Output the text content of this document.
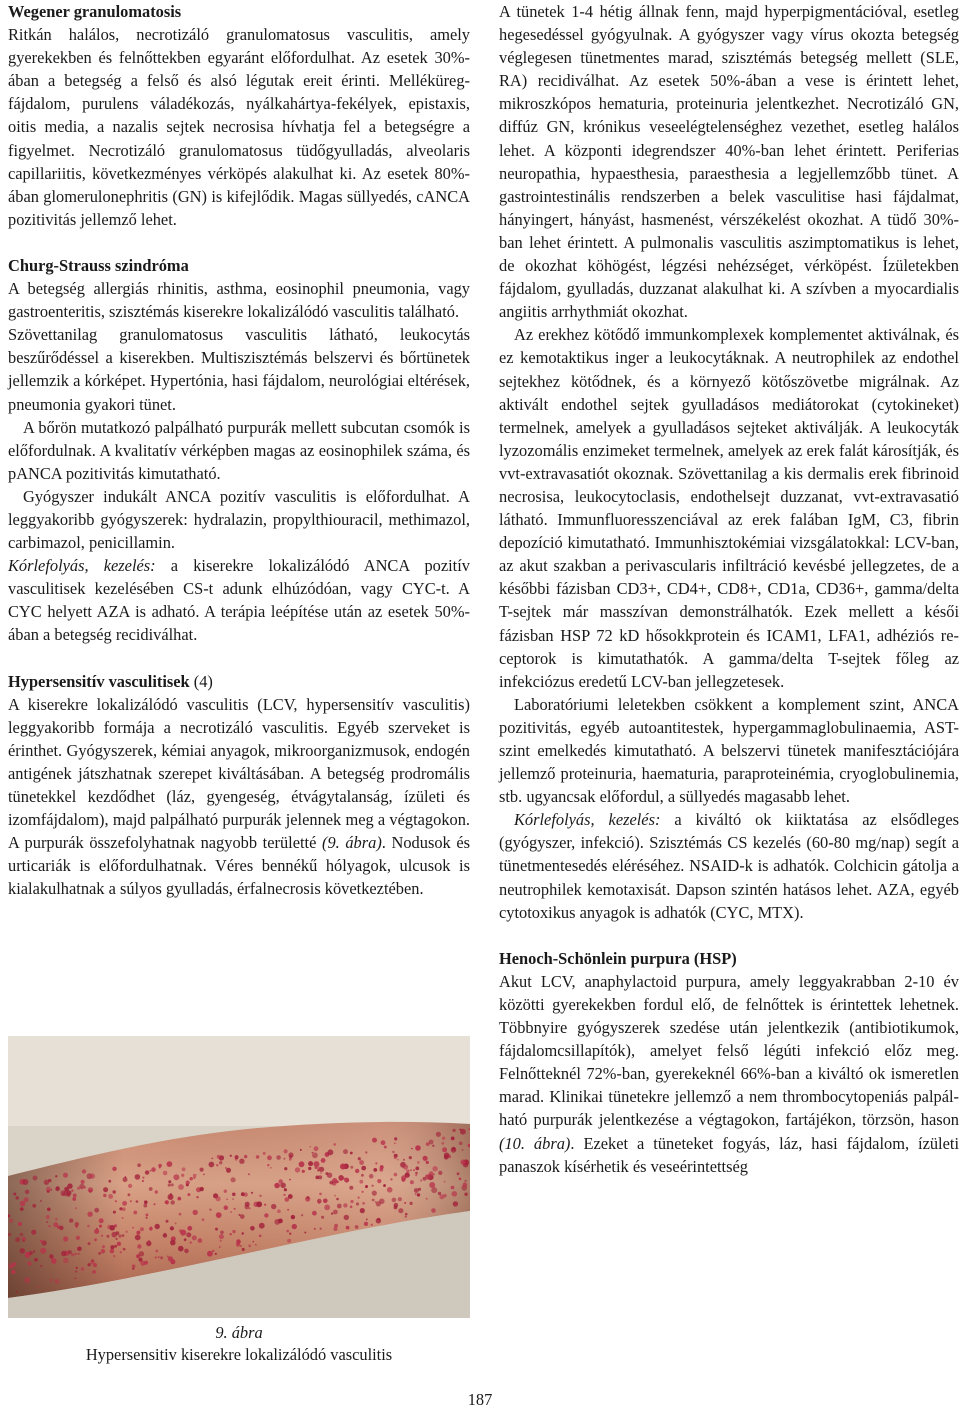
Wegener granulomatosis

Ritkán halálos, necrotizáló granulomatosus vasculitis, amely gyerekekben és felnőttekben egyaránt előfordulhat. Az esetek 30%-ában a betegség a felső és alsó légutak ereit érinti. Melléküreg-fájdalom, purulens váladékozás, nyálkahártya-fekélyek, epistaxis, oitis media, a nazalis sejtek necrosisa hívhatja fel a betegségre a figyelmet. Necrotizáló granulomatosus tüdőgyulladás, alveolaris capillariitis, következményes vérköpés alakulhat ki. Az esetek 80%-ában glomerulonephritis (GN) is kifejlődik. Magas süllyedés, cANCA pozitivitás jellemző lehet.

Churg-Strauss szindróma

A betegség allergiás rhinitis, asthma, eosinophil pneumonia, vagy gastroenteritis, szisztémás kiserekre lokalizálódó vasculitis található.

Szövettanilag granulomatosus vasculitis látható, leukocytás beszűrődéssel a kiserekben. Multiszisztémás belszervi és bőrtünetek jellemzik a kórképet. Hypertónia, hasi fájdalom, neurológiai eltérések, pneumonia gyakori tünet.

A bőrön mutatkozó palpálható purpurák mellett subcutan csomók is előfordulnak. A kvalitatív vérképben magas az eosinophilek száma, és pANCA pozitivitás kimutatható.

Gyógyszer indukált ANCA pozitív vasculitis is előfordulhat. A leggyakoribb gyógyszerek: hydralazin, propylthiouracil, methimazol, carbimazol, penicillamin.

Kórlefolyás, kezelés: a kiserekre lokalizálódó ANCA pozitív vasculitisek kezelésében CS-t adunk elhúzódóan, vagy CYC-t. A CYC helyett AZA is adható. A terápia leépítése után az esetek 50%-ában a betegség recidiválhat.

Hypersensitív vasculitisek (4)

A kiserekre lokalizálódó vasculitis (LCV, hypersensitív vasculitis) leggyakoribb formája a necrotizáló vasculitis. Egyéb szerveket is érinthet. Gyógyszerek, kémiai anyagok, mikroorganizmusok, endogén antigének játszhatnak szerepet kiváltásában. A betegség prodromális tünetekkel kezdődhet (láz, gyengeség, étvágytalanság, ízületi és izomfájdalom), majd palpálható purpurák jelennek meg a végtagokon. A purpurák összefolyhatnak nagyobb területté (9. ábra). Nodusok és urticariák is előfordulhatnak. Véres bennékű hólyagok, ulcusok is kialakulhatnak a súlyos gyulladás, érfalnecrosis következtében.

9. ábra
Hypersensitiv kiserekre lokalizálódó vasculitis

A tünetek 1-4 hétig állnak fenn, majd hyperpigmentációval, esetleg hegesedéssel gyógyulnak. A gyógyszer vagy vírus okozta betegség véglegesen tünetmentes marad, szisztémás betegség mellett (SLE, RA) recidiválhat. Az esetek 50%-ában a vese is érintett lehet, mikroszkópos hematuria, proteinuria jelentkezhet. Necrotizáló GN, diffúz GN, krónikus veseelégtelenséghez vezethet, esetleg halálos lehet. A központi idegrendszer 40%-ban lehet érintett. Periferias neuropathia, hypaesthesia, paraesthesia a legjellemzőbb tünet. A gastrointestinális rendszerben a belek vasculitise hasi fájdalmat, hányingert, hányást, hasmenést, vérszékelést okozhat. A tüdő 30%-ban lehet érintett. A pulmonalis vasculitis aszimptomatikus is lehet, de okozhat köhögést, légzési nehézséget, vérköpést. Ízületekben fájdalom, gyulladás, duzzanat alakulhat ki. A szívben a myocardialis angiitis arrhythmiát okozhat.

Az erekhez kötődő immunkomplexek komplementet aktiválnak, és ez kemotaktikus inger a leukocytáknak. A neutrophilek az endothel sejtekhez kötődnek, és a környező kötőszövetbe migrálnak. Az aktivált endothel sejtek gyulladásos mediátorokat (cytokineket) termelnek, amelyek a gyulladásos sejteket aktiválják. A leukocyták lyzozomális enzimeket termelnek, amelyek az erek falát károsítják, és vvt-extravasatiót okoznak. Szövettanilag a kis dermalis erek fibrinoid necrosisa, leukocytoclasis, endothelsejt duzzanat, vvt-extravasatió látható. Immunfluoresszenciával az erek falában IgM, C3, fibrin depozíció kimutatható. Immunhisztokémiai vizsgálatokkal: LCV-ban, az akut szakban a perivascularis infiltráció kevésbé jellegzetes, de a későbbi fázisban CD3+, CD4+, CD8+, CD1a, CD36+, gamma/delta T-sejtek már masszívan demonstrálhatók. Ezek mellett a késői fázisban HSP 72 kD hősokkprotein és ICAM1, LFA1, adhéziós receptorok is kimutathatók. A gamma/delta T-sejtek főleg az infekciózus eredetű LCV-ban jellegzetesek.

Laboratóriumi leletekben csökkent a komplement szint, ANCA pozitivitás, egyéb autoantitestek, hypergammaglobulinaemia, AST-szint emelkedés kimutatható. A belszervi tünetek manifesztációjára jellemző proteinuria, haematuria, paraproteinémia, cryoglobulinemia, stb. ugyancsak előfordul, a süllyedés magasabb lehet.

Kórlefolyás, kezelés: a kiváltó ok kiiktatása az elsődleges (gyógyszer, infekció). Szisztémás CS kezelés (60-80 mg/nap) segít a tünetmentesedés eléréséhez. NSAID-k is adhatók. Colchicin gátolja a neutrophilek kemotaxisát. Dapson szintén hatásos lehet. AZA, egyéb cytotoxikus anyagok is adhatók (CYC, MTX).

Henoch-Schönlein purpura (HSP)

Akut LCV, anaphylactoid purpura, amely leggyakrabban 2-10 év közötti gyerekekben fordul elő, de felnőttek is érintettek lehetnek. Többnyire gyógyszerek szedése után jelentkezik (antibiotikumok, fájdalomcsillapítók), amelyet felső légúti infekció előz meg. Felnőtteknél 72%-ban, gyerekeknél 66%-ban a kiváltó ok ismeretlen marad. Klinikai tünetekre jellemző a nem thrombocytopeniás palpálható purpurák jelentkezése a végtagokon, fartájékon, törzsön, hason (10. ábra). Ezeket a tüneteket fogyás, láz, hasi fájdalom, ízületi panaszok kísérhetik és veseérintettség

187
